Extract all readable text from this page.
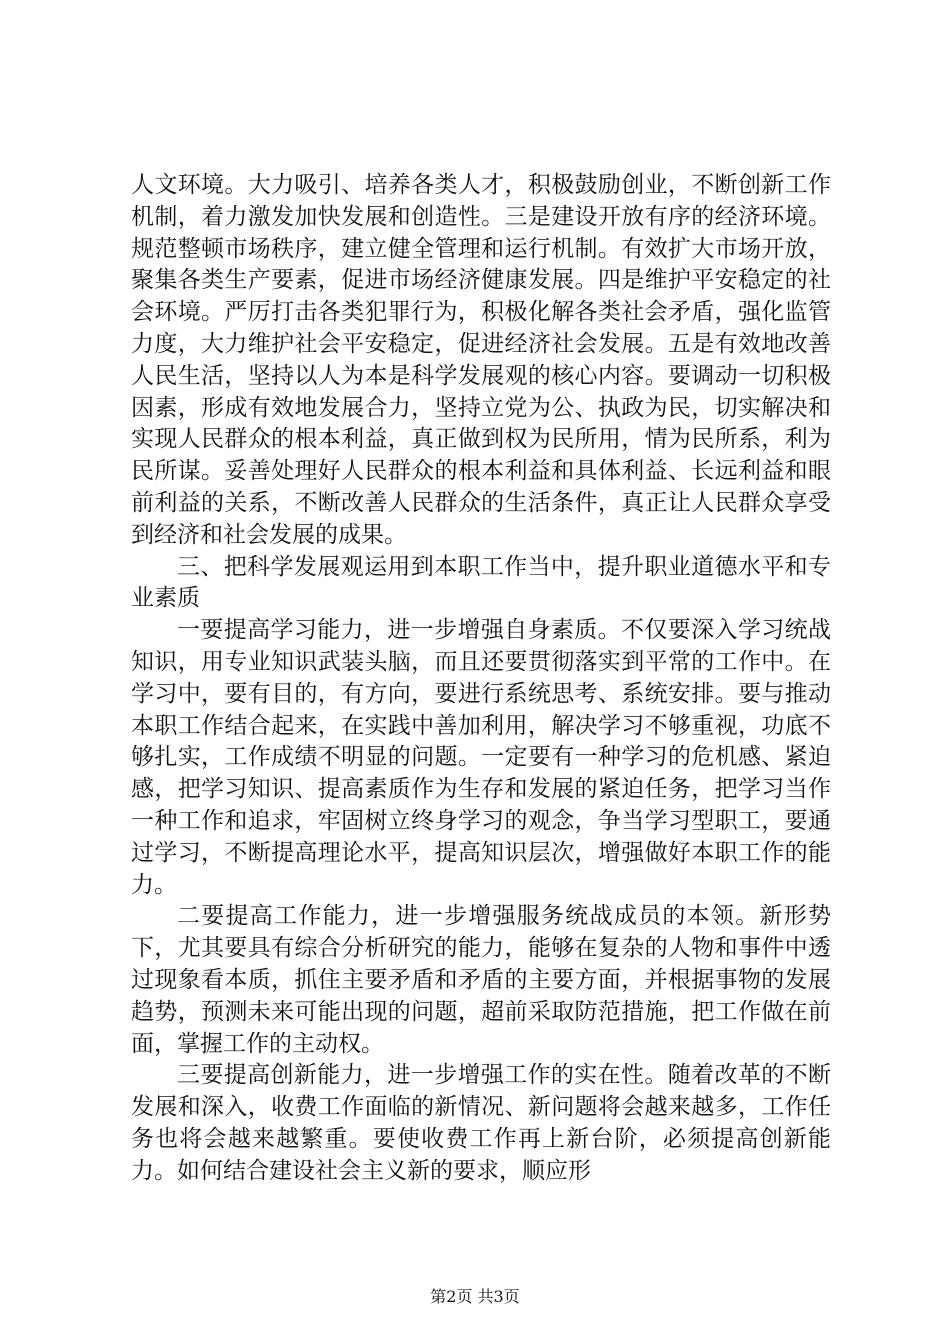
人文环境。大力吸引、培养各类人才，积极鼓励创业，不断创新工作机制，着力激发加快发展和创造性。三是建设开放有序的经济环境。规范整顿市场秩序，建立健全管理和运行机制。有效扩大市场开放，聚集各类生产要素，促进市场经济健康发展。四是维护平安稳定的社会环境。严厉打击各类犯罪行为，积极化解各类社会矛盾，强化监管力度，大力维护社会平安稳定，促进经济社会发展。五是有效地改善人民生活，坚持以人为本是科学发展观的核心内容。要调动一切积极因素，形成有效地发展合力，坚持立党为公、执政为民，切实解决和实现人民群众的根本利益，真正做到权为民所用，情为民所系，利为民所谋。妥善处理好人民群众的根本利益和具体利益、长远利益和眼前利益的关系，不断改善人民群众的生活条件，真正让人民群众享受到经济和社会发展的成果。

三、把科学发展观运用到本职工作当中，提升职业道德水平和专业素质

一要提高学习能力，进一步增强自身素质。不仅要深入学习统战知识，用专业知识武装头脑，而且还要贯彻落实到平常的工作中。在学习中，要有目的，有方向，要进行系统思考、系统安排。要与推动本职工作结合起来，在实践中善加利用，解决学习不够重视，功底不够扎实，工作成绩不明显的问题。一定要有一种学习的危机感、紧迫感，把学习知识、提高素质作为生存和发展的紧迫任务，把学习当作一种工作和追求，牢固树立终身学习的观念，争当学习型职工，要通过学习，不断提高理论水平，提高知识层次，增强做好本职工作的能力。

二要提高工作能力，进一步增强服务统战成员的本领。新形势下，尤其要具有综合分析研究的能力，能够在复杂的人物和事件中透过现象看本质，抓住主要矛盾和矛盾的主要方面，并根据事物的发展趋势，预测未来可能出现的问题，超前采取防范措施，把工作做在前面，掌握工作的主动权。

三要提高创新能力，进一步增强工作的实在性。随着改革的不断发展和深入，收费工作面临的新情况、新问题将会越来越多，工作任务也将会越来越繁重。要使收费工作再上新台阶，必须提高创新能力。如何结合建设社会主义新的要求，顺应形

第2页 共3页
